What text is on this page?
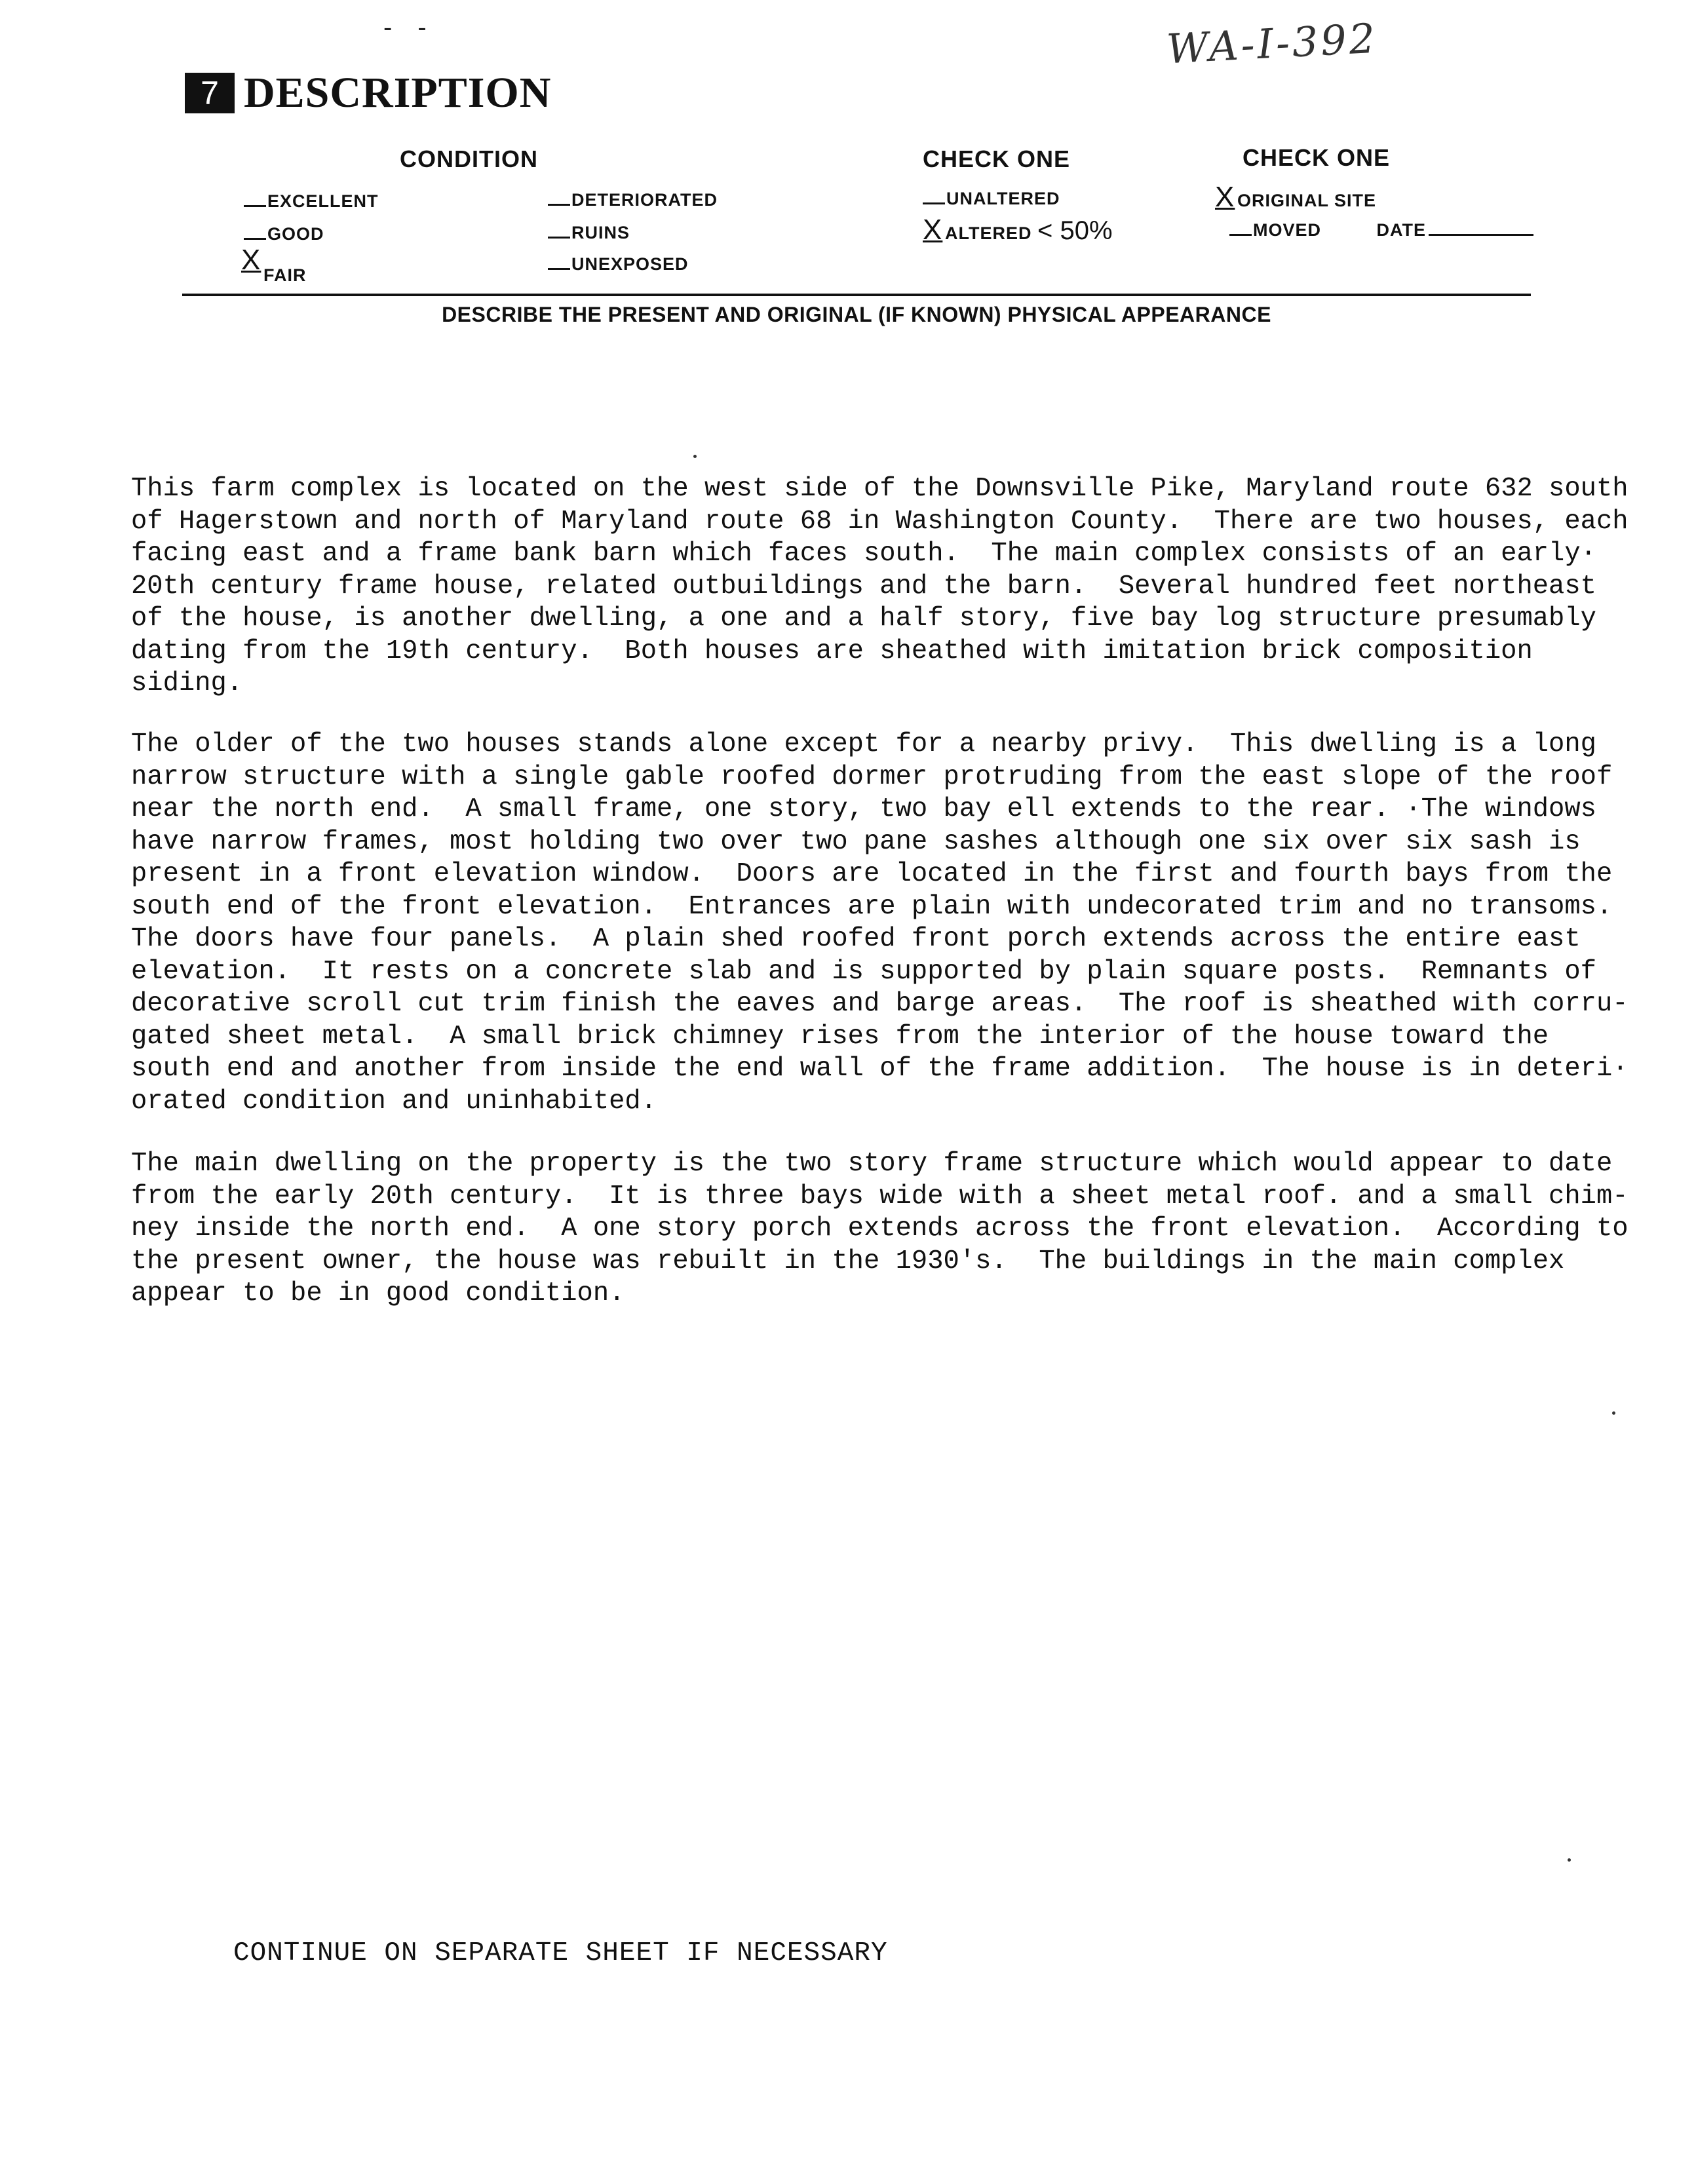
- -	WA-I-392
7 DESCRIPTION
CONDITION
EXCELLENT
GOOD
XFAIR
DETERIORATED
RUINS
UNEXPOSED
CHECK ONE
UNALTERED
XALTERED < 50%
CHECK ONE
XORIGINAL SITE
MOVED	DATE
DESCRIBE THE PRESENT AND ORIGINAL (IF KNOWN) PHYSICAL APPEARANCE
This farm complex is located on the west side of the Downsville Pike, Maryland route 632 south
of Hagerstown and north of Maryland route 68 in Washington County.  There are two houses, each
facing east and a frame bank barn which faces south.  The main complex consists of an early·
20th century frame house, related outbuildings and the barn.  Several hundred feet northeast
of the house, is another dwelling, a one and a half story, five bay log structure presumably
dating from the 19th century.  Both houses are sheathed with imitation brick composition
siding.
The older of the two houses stands alone except for a nearby privy.  This dwelling is a long
narrow structure with a single gable roofed dormer protruding from the east slope of the roof
near the north end.  A small frame, one story, two bay ell extends to the rear. ·The windows
have narrow frames, most holding two over two pane sashes although one six over six sash is
present in a front elevation window.  Doors are located in the first and fourth bays from the
south end of the front elevation.  Entrances are plain with undecorated trim and no transoms.
The doors have four panels.  A plain shed roofed front porch extends across the entire east
elevation.  It rests on a concrete slab and is supported by plain square posts.  Remnants of
decorative scroll cut trim finish the eaves and barge areas.  The roof is sheathed with corru-
gated sheet metal.  A small brick chimney rises from the interior of the house toward the
south end and another from inside the end wall of the frame addition.  The house is in deteri·
orated condition and uninhabited.
The main dwelling on the property is the two story frame structure which would appear to date
from the early 20th century.  It is three bays wide with a sheet metal roof. and a small chim-
ney inside the north end.  A one story porch extends across the front elevation.  According to
the present owner, the house was rebuilt in the 1930's.  The buildings in the main complex
appear to be in good condition.
CONTINUE ON SEPARATE SHEET IF NECESSARY
